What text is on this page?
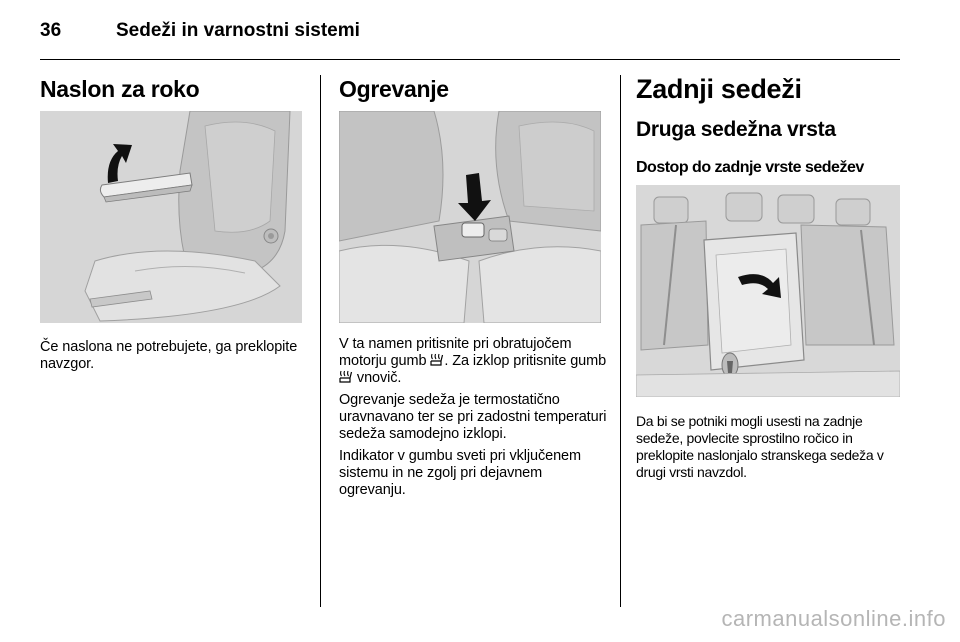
36	Sedeži in varnostni sistemi
Naslon za roko

Če naslona ne potrebujete, ga preklopite navzgor.

Ogrevanje

V ta namen pritisnite pri obratujočem motorju gumb . Za izklop pritisnite gumb  vnovič.

Ogrevanje sedeža je termostatično uravnavano ter se pri zadostni temperaturi sedeža samodejno izklopi.

Indikator v gumbu sveti pri vključenem sistemu in ne zgolj pri dejavnem ogrevanju.

Zadnji sedeži
Druga sedežna vrsta
Dostop do zadnje vrste sedežev

Da bi se potniki mogli usesti na zadnje sedeže, povlecite sprostilno ročico in preklopite naslonjalo stranskega sedeža v drugi vrsti navzdol.

carmanualsonline.info
